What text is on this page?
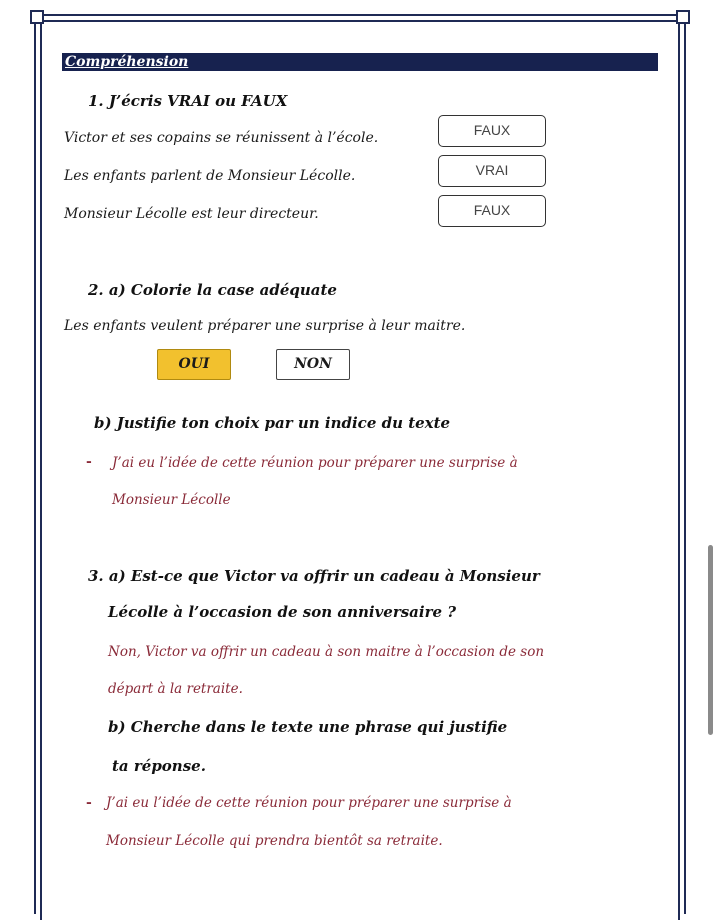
Compréhension
1. J’écris VRAI ou FAUX
Victor et ses copains se réunissent à l’école.	FAUX
Les enfants parlent de Monsieur Lécolle.	VRAI
Monsieur Lécolle est leur directeur.	FAUX
2. a) Colorie la case adéquate
Les enfants veulent préparer une surprise à leur maitre.
OUI	NON
b) Justifie ton choix par un indice du texte
- J’ai eu l’idée de cette réunion pour préparer une surprise à
Monsieur Lécolle
3. a) Est-ce que Victor va offrir un cadeau à Monsieur
Lécolle à l’occasion de son anniversaire ?
Non, Victor va offrir un cadeau à son maitre à l’occasion de son
départ à la retraite.
b) Cherche dans le texte une phrase qui justifie
ta réponse.
- J’ai eu l’idée de cette réunion pour préparer une surprise à
Monsieur Lécolle qui prendra bientôt sa retraite.
